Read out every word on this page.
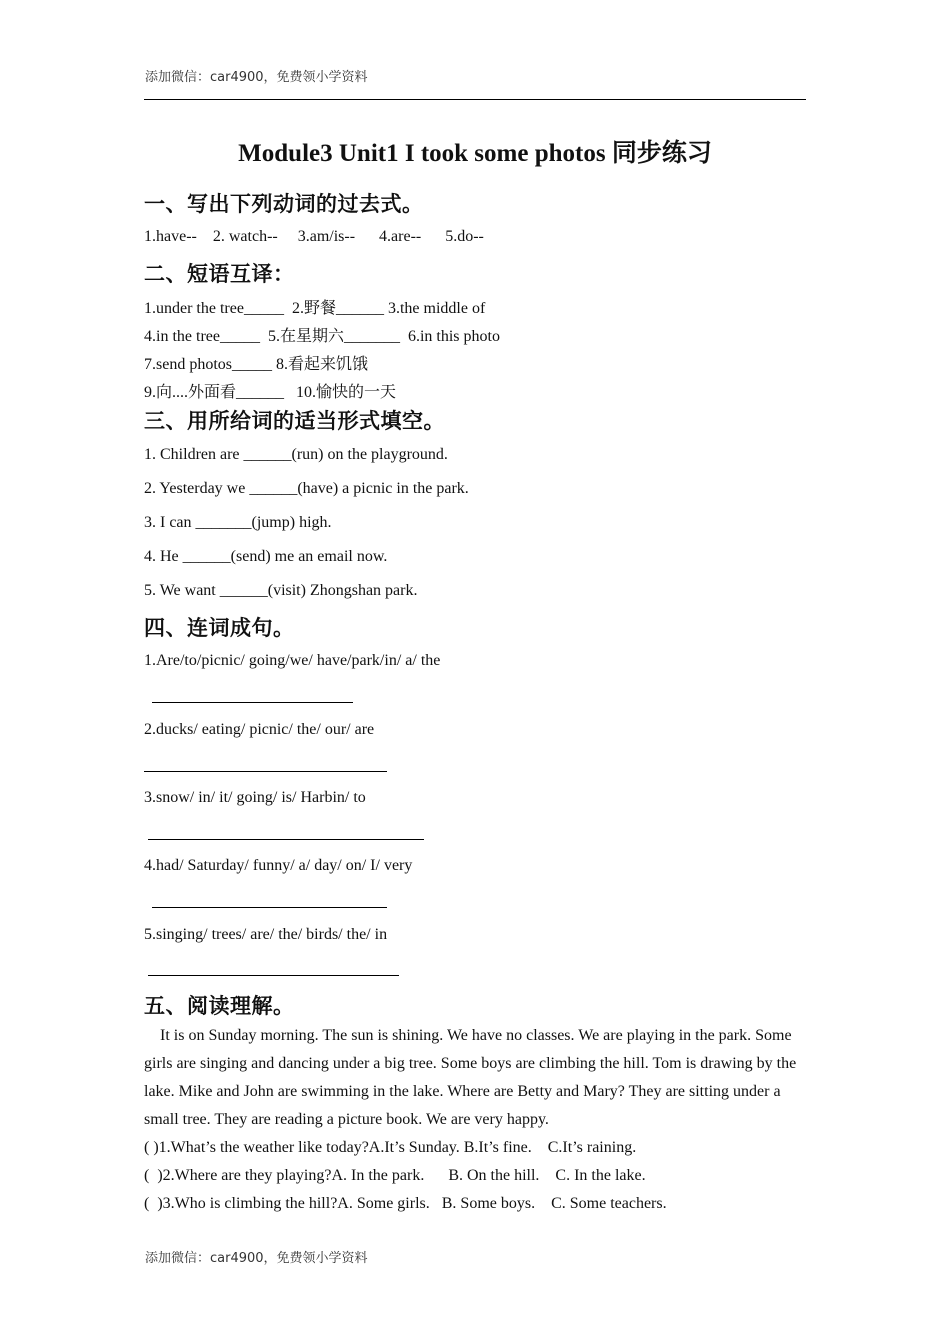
添加微信：car4900，免费领小学资料
Module3 Unit1 I took some photos 同步练习
一、写出下列动词的过去式。
1.have--    2. watch--     3.am/is--      4.are--      5.do--
二、短语互译：
1.under the tree_____  2.野餐______ 3.the middle of
4.in the tree_____  5.在星期六_______  6.in this photo
7.send photos_____ 8.看起来饥饿
9.向....外面看______   10.愉快的一天
三、用所给词的适当形式填空。
1. Children are ______(run) on the playground.
2. Yesterday we ______(have) a picnic in the park.
3. I can _______(jump) high.
4. He ______(send) me an email now.
5. We want ______(visit) Zhongshan park.
四、连词成句。
1.Are/to/picnic/ going/we/ have/park/in/ a/ the
2.ducks/ eating/ picnic/ the/ our/ are
3.snow/ in/ it/ going/ is/ Harbin/ to
4.had/ Saturday/ funny/ a/ day/ on/ I/ very
5.singing/ trees/ are/ the/ birds/ the/ in
五、阅读理解。
It is on Sunday morning. The sun is shining. We have no classes. We are playing in the park. Some girls are singing and dancing under a big tree. Some boys are climbing the hill. Tom is drawing by the lake. Mike and John are swimming in the lake. Where are Betty and Mary? They are sitting under a small tree. They are reading a picture book. We are very happy.
( )1.What’s the weather like today?A.It’s Sunday. B.It’s fine.    C.It’s raining.
(  )2.Where are they playing?A. In the park.      B. On the hill.    C. In the lake.
(  )3.Who is climbing the hill?A. Some girls.   B. Some boys.    C. Some teachers.
添加微信：car4900，免费领小学资料
